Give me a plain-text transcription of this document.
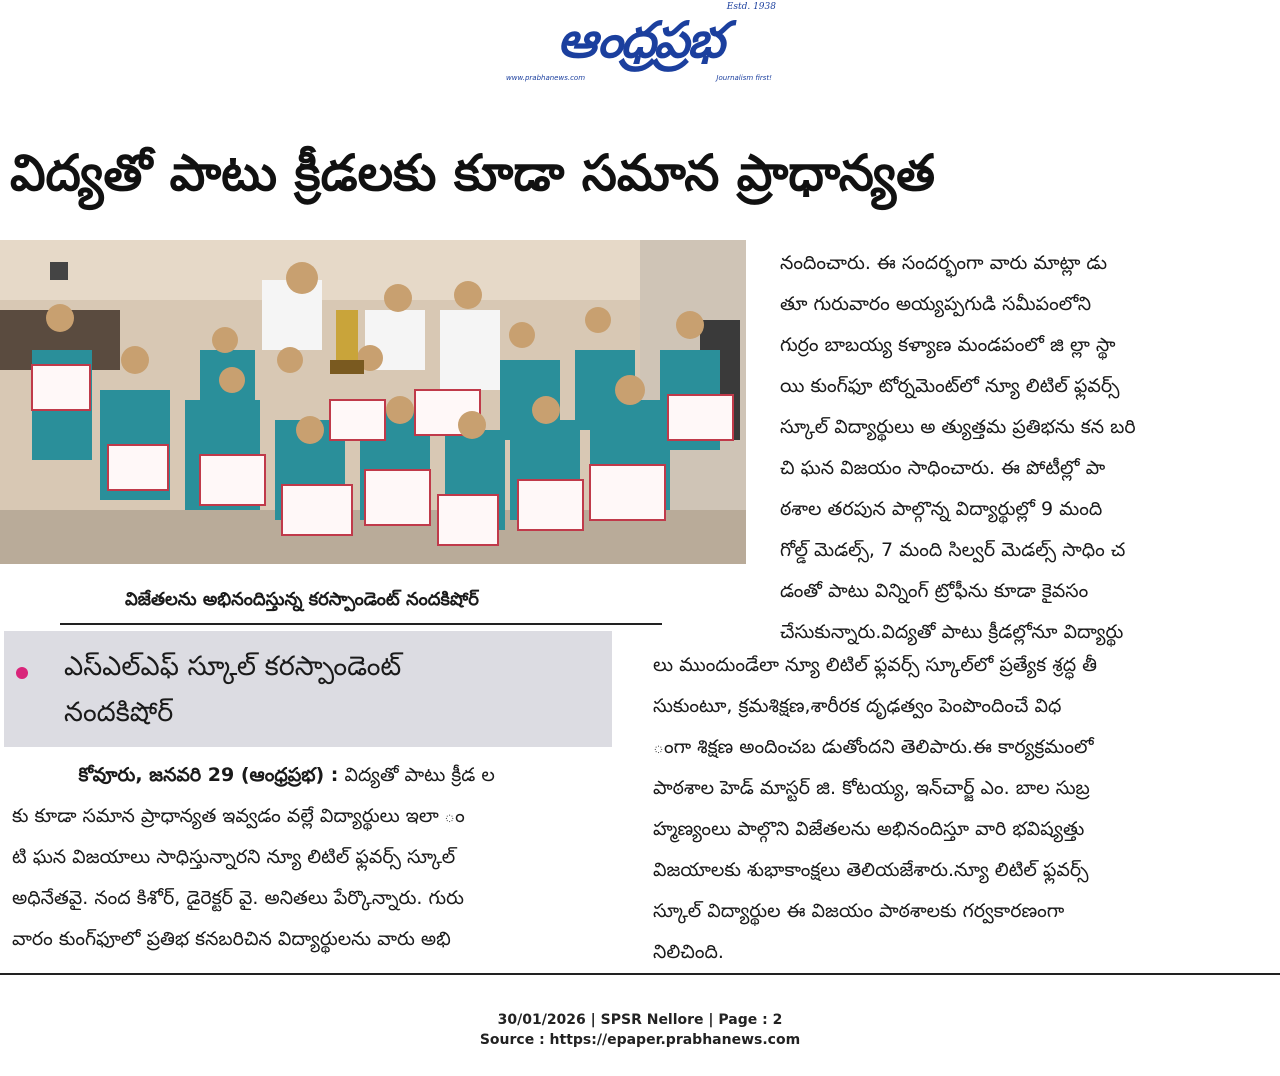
ఆంధ్రప్రభ
Estd. 1938
www.prabhanews.com	Journalism first!
విద్యతో పాటు క్రీడలకు కూడా సమాన ప్రాధాన్యత
విజేతలను అభినందిస్తున్న కరస్పాండెంట్ నందకిషోర్
ఎస్ఎల్ఎఫ్ స్కూల్ కరస్పాండెంట్
నందకిషోర్
కోవూరు, జనవరి 29 (ఆంధ్రప్రభ) : విద్యతో పాటు క్రీడ ల
కు కూడా సమాన ప్రాధాన్యత ఇవ్వడం వల్లే విద్యార్థులు ఇలా ం
టి ఘన విజయాలు సాధిస్తున్నారని న్యూ లిటిల్ ఫ్లవర్స్ స్కూల్
అధినేతవై. నంద కిశోర్, డైరెక్టర్ వై. అనితలు పేర్కొన్నారు. గురు
వారం కుంగ్‌ఫూలో ప్రతిభ కనబరిచిన విద్యార్థులను వారు అభి
నందించారు. ఈ సందర్భంగా వారు మాట్లా డు
తూ గురువారం అయ్యప్పగుడి సమీపంలోని
గుర్రం బాబయ్య కళ్యాణ మండపంలో జి ల్లా స్థా
యి కుంగ్‌ఫూ టోర్నమెంట్‌లో న్యూ లిటిల్ ఫ్లవర్స్
స్కూల్ విద్యార్థులు అ త్యుత్తమ ప్రతిభను కన బరి
చి ఘన విజయం సాధించారు. ఈ పోటీల్లో పా
ఠశాల తరపున పాల్గొన్న విద్యార్థుల్లో 9 మంది
గోల్డ్ మెడల్స్, 7 మంది సిల్వర్ మెడల్స్ సాధిం చ
డంతో పాటు విన్నింగ్ ట్రోఫీను కూడా కైవసం
చేసుకున్నారు.విద్యతో పాటు క్రీడల్లోనూ విద్యార్థు
లు ముందుండేలా న్యూ లిటిల్ ఫ్లవర్స్ స్కూల్‌లో ప్రత్యేక శ్రద్ధ తీ
సుకుంటూ, క్రమశిక్షణ,శారీరక దృఢత్వం పెంపొందించే విధ
ంగా శిక్షణ అందించబ డుతోందని తెలిపారు.ఈ కార్యక్రమంలో
పాఠశాల హెడ్ మాస్టర్ జి. కోటయ్య, ఇన్‌చార్జ్ ఎం. బాల సుబ్ర
హ్మణ్యంలు పాల్గొని విజేతలను అభినందిస్తూ వారి భవిష్యత్తు
విజయాలకు శుభాకాంక్షలు తెలియజేశారు.న్యూ లిటిల్ ఫ్లవర్స్
స్కూల్ విద్యార్థుల ఈ విజయం పాఠశాలకు గర్వకారణంగా
నిలిచింది.
30/01/2026 | SPSR Nellore | Page : 2
Source : https://epaper.prabhanews.com
